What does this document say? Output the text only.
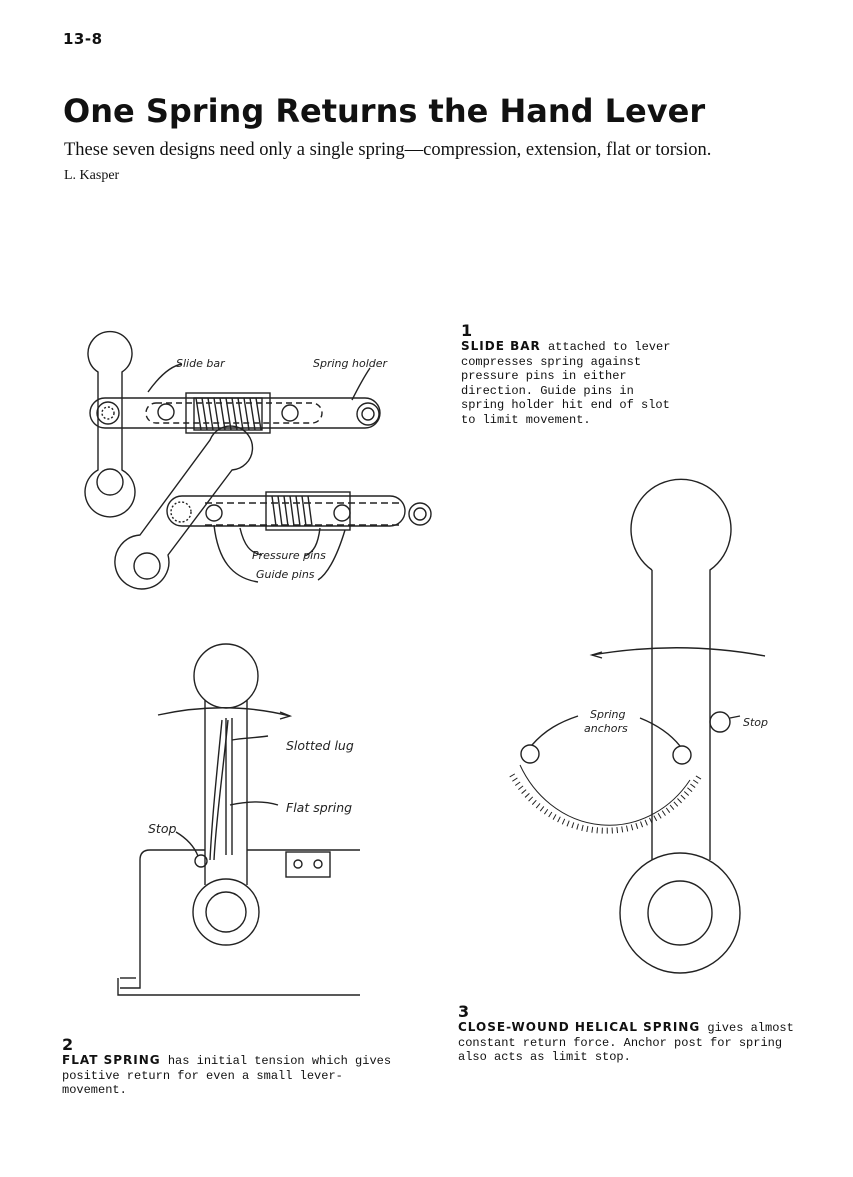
13-8
One Spring Returns the Hand Lever

These seven designs need only a single spring—compression, extension, flat or torsion.

L. Kasper

Slide bar	Spring holder
Pressure pins
Guide pins
Slotted lug
Flat spring
Stop
Spring
anchors	Stop
1
SLIDE BAR attached to lever compresses spring against pressure pins in either direction. Guide pins in spring holder hit end of slot to limit movement.
2
FLAT SPRING has initial tension which gives positive return for even a small lever-movement.
3
CLOSE-WOUND HELICAL SPRING gives almost constant return force. Anchor post for spring also acts as limit stop.
